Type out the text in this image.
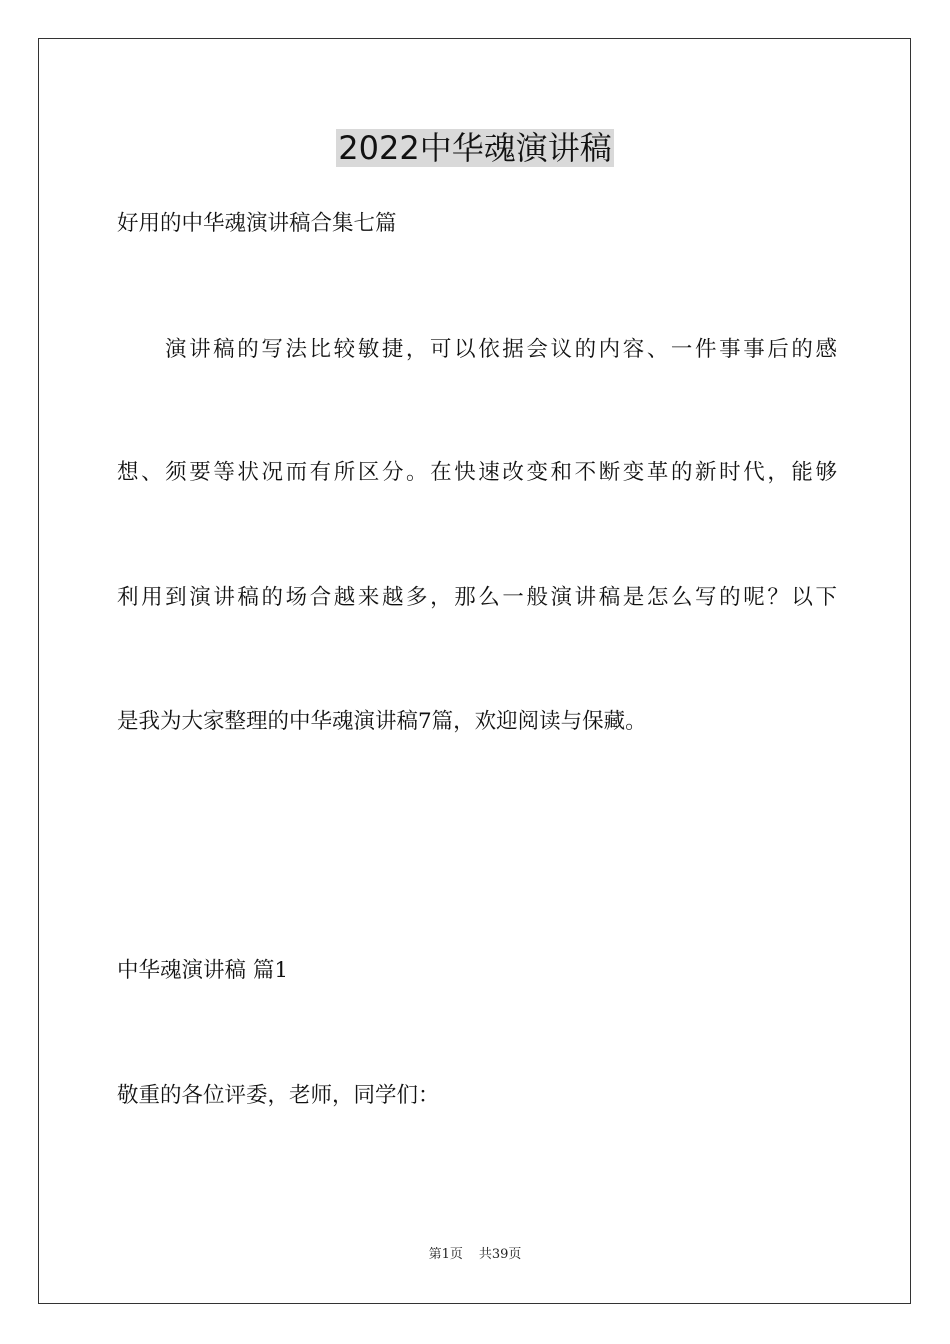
2022中华魂演讲稿
好用的中华魂演讲稿合集七篇
演讲稿的写法比较敏捷，可以依据会议的内容、一件事事后的感
想、须要等状况而有所区分。在快速改变和不断变革的新时代，能够
利用到演讲稿的场合越来越多，那么一般演讲稿是怎么写的呢？以下
是我为大家整理的中华魂演讲稿7篇，欢迎阅读与保藏。
中华魂演讲稿 篇1
敬重的各位评委，老师，同学们：
第1页 共39页
